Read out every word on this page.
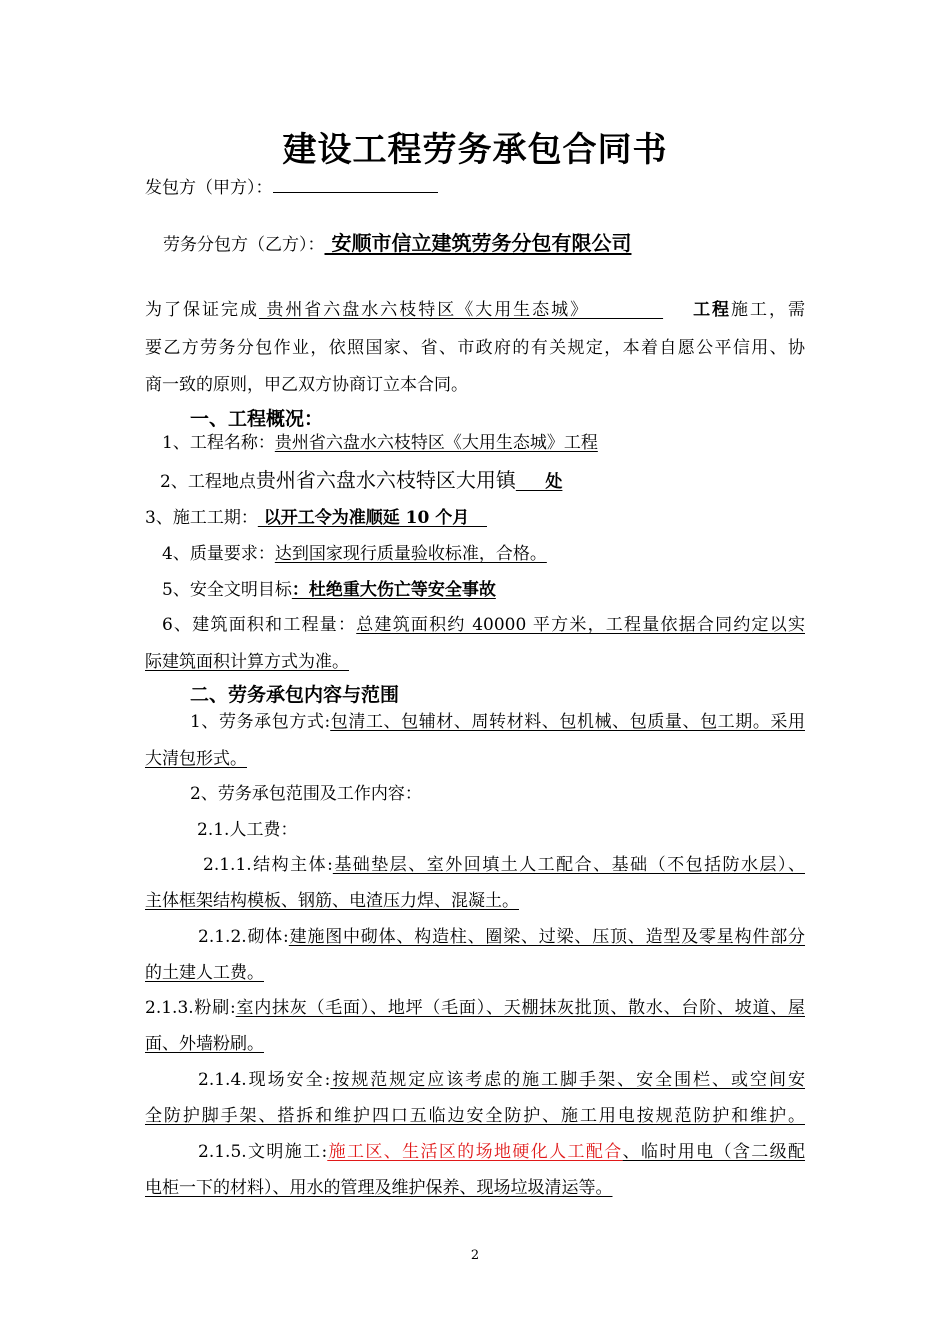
建设工程劳务承包合同书
发包方（甲方）：
劳务分包方（乙方）： 安顺市信立建筑劳务分包有限公司
为了保证完成 贵州省六盘水六枝特区《大用生态城》          工程施工，需
要乙方劳务分包作业，依照国家、省、市政府的有关规定，本着自愿公平信用、协
商一致的原则，甲乙双方协商订立本合同。
一、工程概况：
1、工程名称：贵州省六盘水六枝特区《大用生态城》工程
2、工程地点贵州省六盘水六枝特区大用镇     处
3、施工工期： 以开工令为准顺延 10 个月
4、质量要求：达到国家现行质量验收标准，合格。
5、安全文明目标：杜绝重大伤亡等安全事故
6、建筑面积和工程量：总建筑面积约 40000 平方米，工程量依据合同约定以实
际建筑面积计算方式为准。
二、劳务承包内容与范围
1、劳务承包方式:包清工、包辅材、周转材料、包机械、包质量、包工期。采用
大清包形式。
2、劳务承包范围及工作内容：
2.1.人工费：
2.1.1.结构主体:基础垫层、室外回填土人工配合、基础（不包括防水层）、
主体框架结构模板、钢筋、电渣压力焊、混凝土。
2.1.2.砌体:建施图中砌体、构造柱、圈梁、过梁、压顶、造型及零星构件部分
的土建人工费。
2.1.3.粉刷:室内抹灰（毛面）、地坪（毛面）、天棚抹灰批顶、散水、台阶、坡道、屋
面、外墙粉刷。
2.1.4.现场安全:按规范规定应该考虑的施工脚手架、安全围栏、或空间安
全防护脚手架、搭拆和维护四口五临边安全防护、施工用电按规范防护和维护。
2.1.5.文明施工:施工区、生活区的场地硬化人工配合、临时用电（含二级配
电柜一下的材料）、用水的管理及维护保养、现场垃圾清运等。
2
